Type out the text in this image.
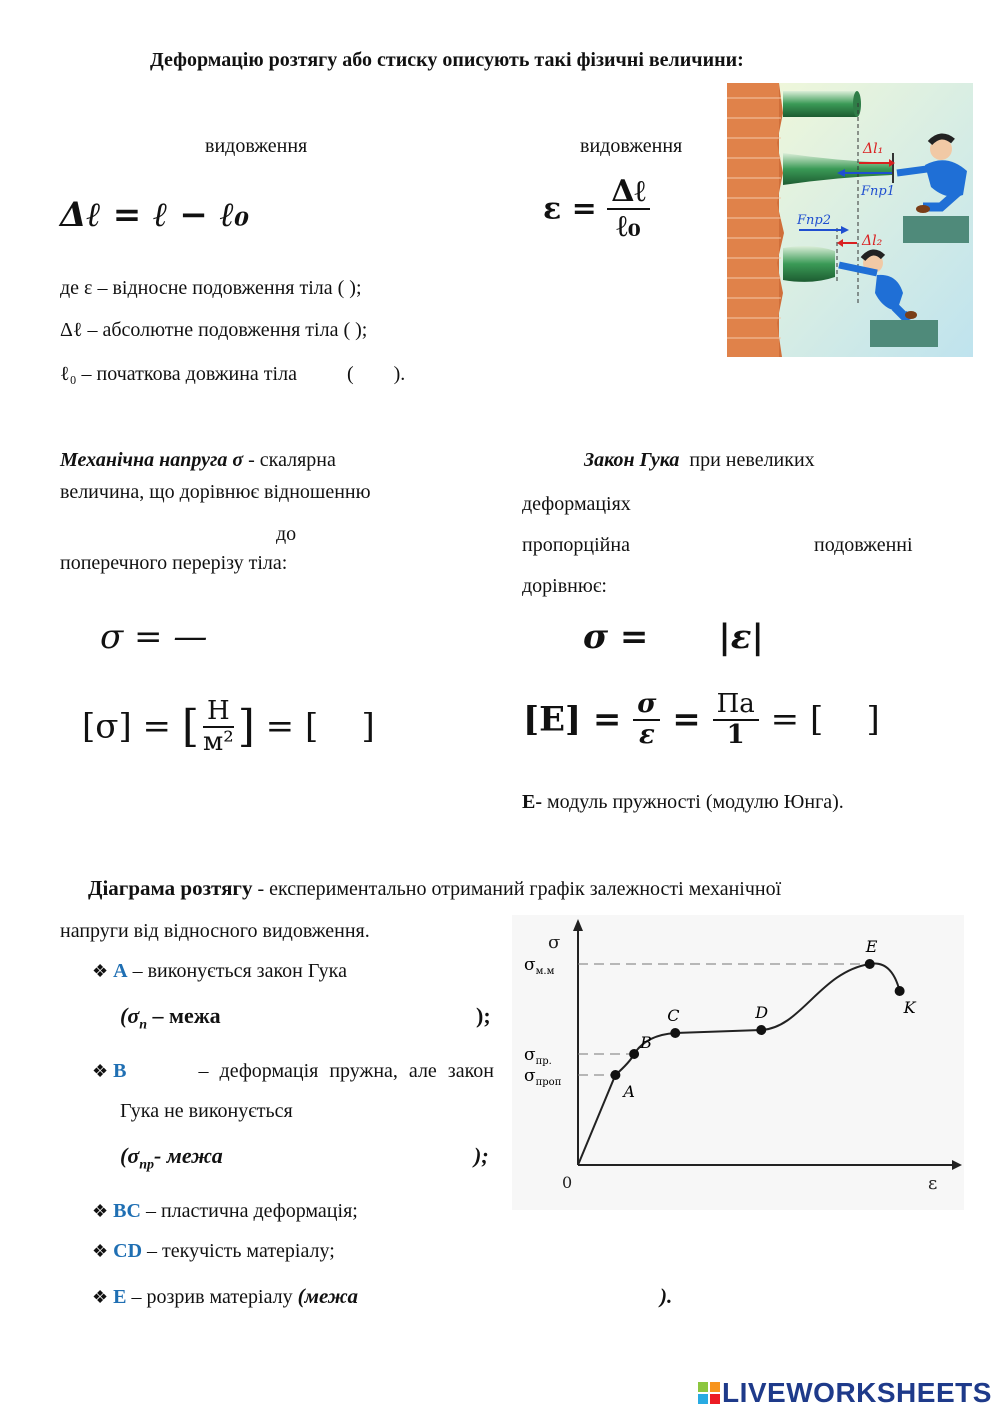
Деформацію розтягу або стиску описують такі фізичні величини:
видовження	видовження
Δℓ = ℓ − ℓ₀	$\varepsilon = \frac{\text{Δℓ}}{\text{ℓ₀}}$
де ε – відносне подовження тіла ( );
Δℓ – абсолютне подовження тіла ( );
ℓ₀ – початкова довжина тіла          (        ).
Δl₁
Fпр1
Fпр2
Δl₂
Механічна напруга σ - скалярна
величина, що дорівнює відношенню
до
поперечного перерізу тіла:
σ = —
[σ] = [ $\frac{Н}{\text{м²}}$ ] = [    ]
Закон Гука при невеликих
деформаціях
пропорційна	подовженні
дорівнює:
σ = |ε|
$[E] = \frac{\sigma}{\varepsilon} = \frac{Па}{1}$ = [    ]
E- модуль пружності (модулю Юнга).
Діаграма розтягу - експериментально отриманий графік залежності механічної
напруги від відносного видовження.
❖ A – виконується закон Гука
($\sigma_п$ – межа	);
❖ B	– деформація пружна, але закон
Гука не виконується
($\sigma_{пр}-$ межа	);
❖ BC – пластична деформація;
❖ CD – текучість матеріалу;
❖ E – розрив матеріалу (межа	).
σ
ε
0
$\sigma_{м.м}$
$\sigma_{пр.}$
$\sigma_{проп}$	A
B
C	D
E
K
LIVEWORKSHEETS
